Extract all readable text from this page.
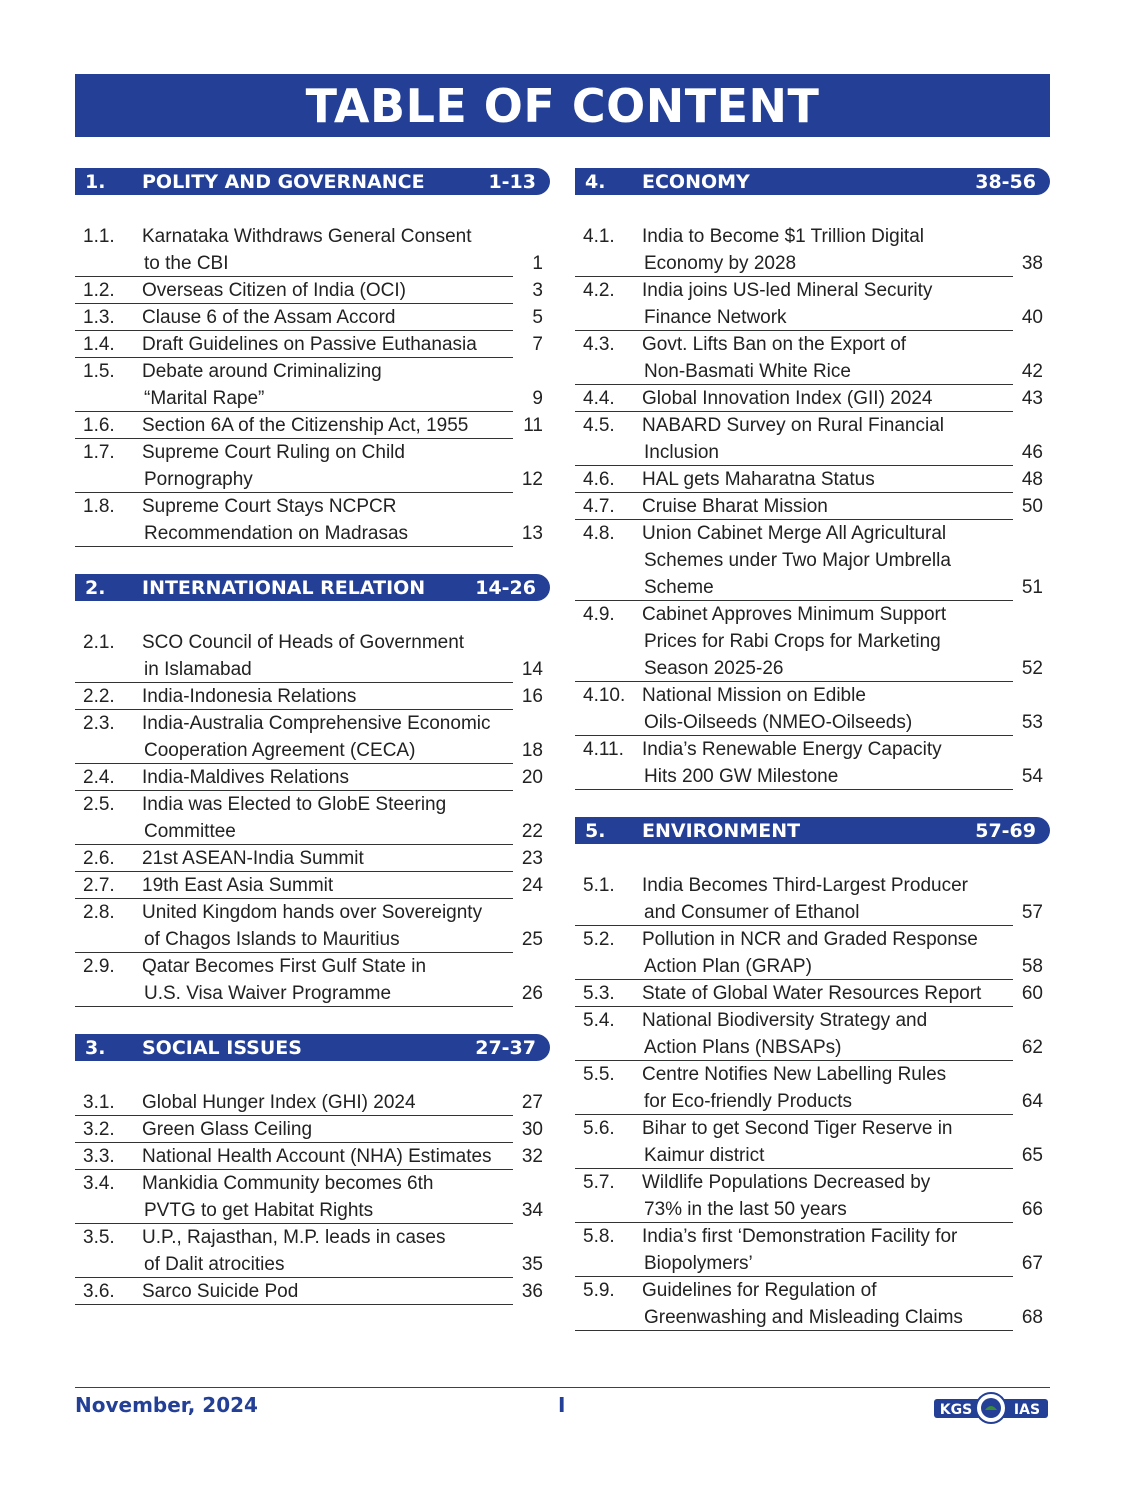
TABLE OF CONTENT
1. POLITY AND GOVERNANCE	1-13
1.1. Karnataka Withdraws General Consent
to the CBI	1
1.2. Overseas Citizen of India (OCI)	3
1.3. Clause 6 of the Assam Accord	5
1.4. Draft Guidelines on Passive Euthanasia	7
1.5. Debate around Criminalizing
“Marital Rape”	9
1.6. Section 6A of the Citizenship Act, 1955	11
1.7. Supreme Court Ruling on Child
Pornography	12
1.8. Supreme Court Stays NCPCR
Recommendation on Madrasas	13
2. INTERNATIONAL RELATION	14-26
2.1. SCO Council of Heads of Government
in Islamabad	14
2.2. India-Indonesia Relations	16
2.3. India-Australia Comprehensive Economic
Cooperation Agreement (CECA)	18
2.4. India-Maldives Relations	20
2.5. India was Elected to GlobE Steering
Committee	22
2.6. 21st ASEAN-India Summit	23
2.7. 19th East Asia Summit	24
2.8. United Kingdom hands over Sovereignty
of Chagos Islands to Mauritius	25
2.9. Qatar Becomes First Gulf State in
U.S. Visa Waiver Programme	26
3. SOCIAL ISSUES	27-37
3.1. Global Hunger Index (GHI) 2024	27
3.2. Green Glass Ceiling	30
3.3. National Health Account (NHA) Estimates 32
3.4. Mankidia Community becomes 6th
PVTG to get Habitat Rights	34
3.5. U.P., Rajasthan, M.P. leads in cases
of Dalit atrocities	35
3.6. Sarco Suicide Pod	36
4. ECONOMY	38-56
4.1. India to Become $1 Trillion Digital
Economy by 2028	38
4.2. India joins US-led Mineral Security
Finance Network	40
4.3. Govt. Lifts Ban on the Export of
Non-Basmati White Rice	42
4.4. Global Innovation Index (GII) 2024	43
4.5. NABARD Survey on Rural Financial
Inclusion	46
4.6. HAL gets Maharatna Status	48
4.7. Cruise Bharat Mission	50
4.8. Union Cabinet Merge All Agricultural
Schemes under Two Major Umbrella
Scheme	51
4.9. Cabinet Approves Minimum Support
Prices for Rabi Crops for Marketing
Season 2025-26	52
4.10. National Mission on Edible
Oils-Oilseeds (NMEO-Oilseeds)	53
4.11. India’s Renewable Energy Capacity
Hits 200 GW Milestone	54
5. ENVIRONMENT	57-69
5.1. India Becomes Third-Largest Producer
and Consumer of Ethanol	57
5.2. Pollution in NCR and Graded Response
Action Plan (GRAP)	58
5.3. State of Global Water Resources Report 60
5.4. National Biodiversity Strategy and
Action Plans (NBSAPs)	62
5.5. Centre Notifies New Labelling Rules
for Eco-friendly Products	64
5.6. Bihar to get Second Tiger Reserve in
Kaimur district	65
5.7. Wildlife Populations Decreased by
73% in the last 50 years	66
5.8. India’s first ‘Demonstration Facility for
Biopolymers’	67
5.9. Guidelines for Regulation of
Greenwashing and Misleading Claims	68
November, 2024	I	KGS	IAS
